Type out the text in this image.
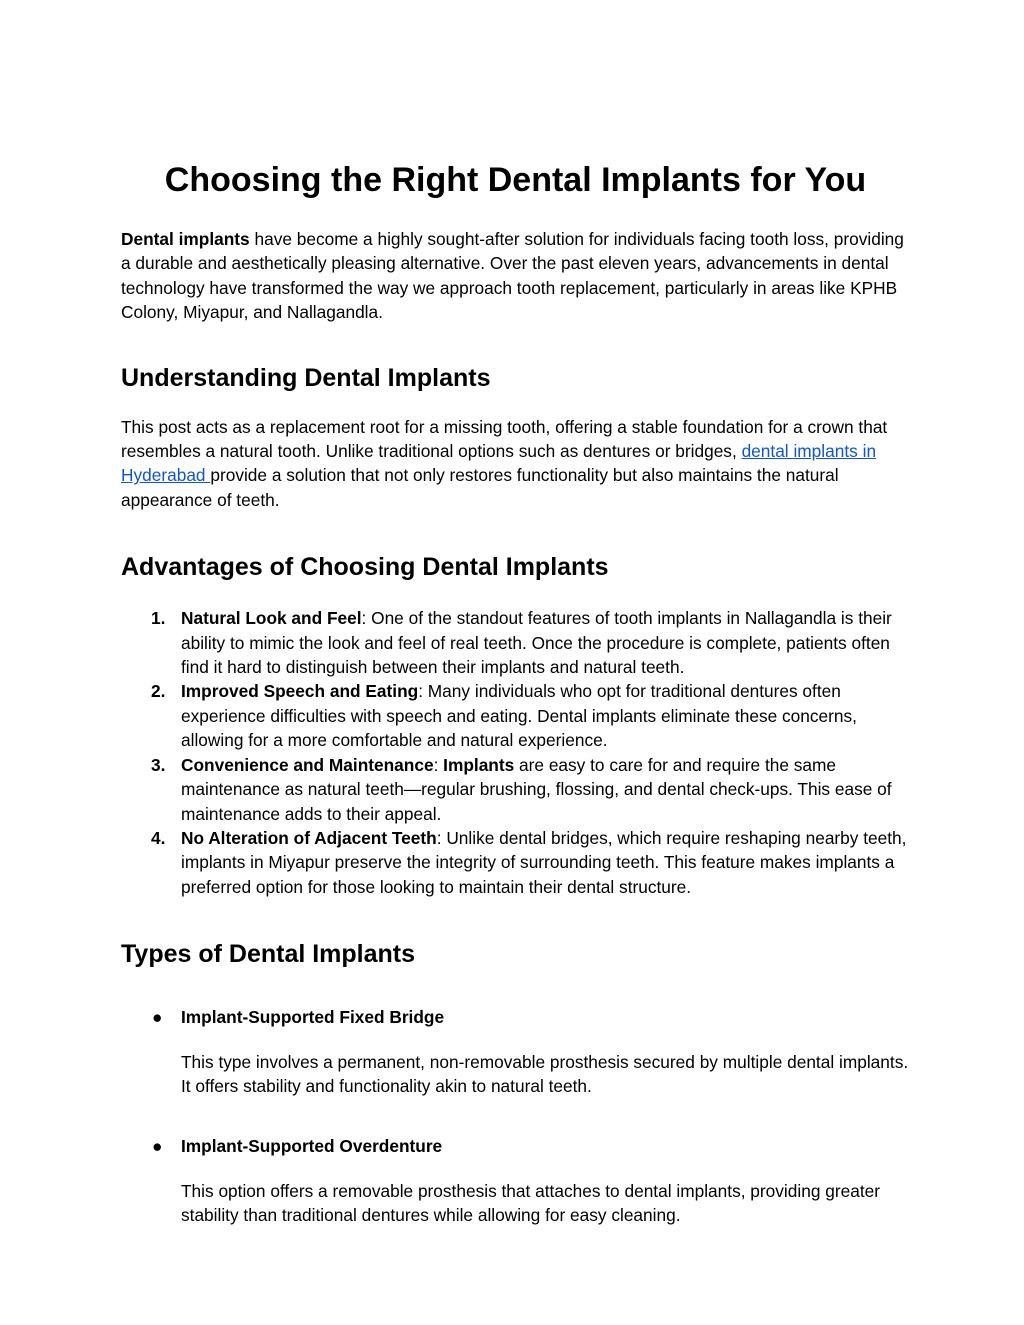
Choosing the Right Dental Implants for You

Dental implants have become a highly sought-after solution for individuals facing tooth loss, providing a durable and aesthetically pleasing alternative. Over the past eleven years, advancements in dental technology have transformed the way we approach tooth replacement, particularly in areas like KPHB Colony, Miyapur, and Nallagandla.

Understanding Dental Implants

This post acts as a replacement root for a missing tooth, offering a stable foundation for a crown that resembles a natural tooth. Unlike traditional options such as dentures or bridges, dental implants in Hyderabad provide a solution that not only restores functionality but also maintains the natural appearance of teeth.

Advantages of Choosing Dental Implants
1. Natural Look and Feel: One of the standout features of tooth implants in Nallagandla is their ability to mimic the look and feel of real teeth. Once the procedure is complete, patients often find it hard to distinguish between their implants and natural teeth.
2. Improved Speech and Eating: Many individuals who opt for traditional dentures often experience difficulties with speech and eating. Dental implants eliminate these concerns, allowing for a more comfortable and natural experience.
3. Convenience and Maintenance: Implants are easy to care for and require the same maintenance as natural teeth—regular brushing, flossing, and dental check-ups. This ease of maintenance adds to their appeal.
4. No Alteration of Adjacent Teeth: Unlike dental bridges, which require reshaping nearby teeth, implants in Miyapur preserve the integrity of surrounding teeth. This feature makes implants a preferred option for those looking to maintain their dental structure.
Types of Dental Implants
● Implant-Supported Fixed Bridge

This type involves a permanent, non-removable prosthesis secured by multiple dental implants. It offers stability and functionality akin to natural teeth.

● Implant-Supported Overdenture

This option offers a removable prosthesis that attaches to dental implants, providing greater stability than traditional dentures while allowing for easy cleaning.
